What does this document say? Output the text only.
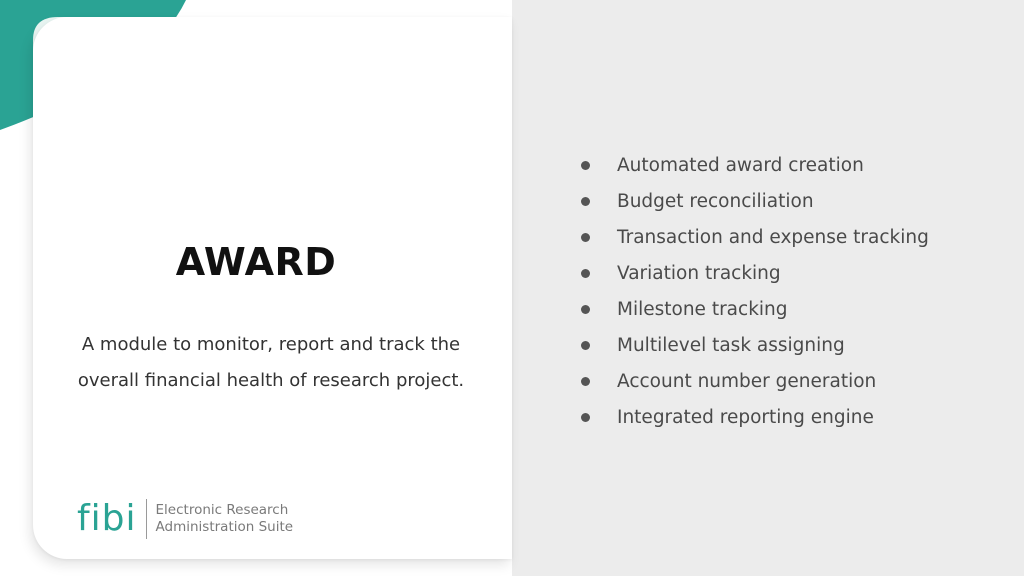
AWARD
A module to monitor, report and track the
overall financial health of research project.
fibi Electronic Research
Administration Suite
Automated award creation
Budget reconciliation
Transaction and expense tracking
Variation tracking
Milestone tracking
Multilevel task assigning
Account number generation
Integrated reporting engine
